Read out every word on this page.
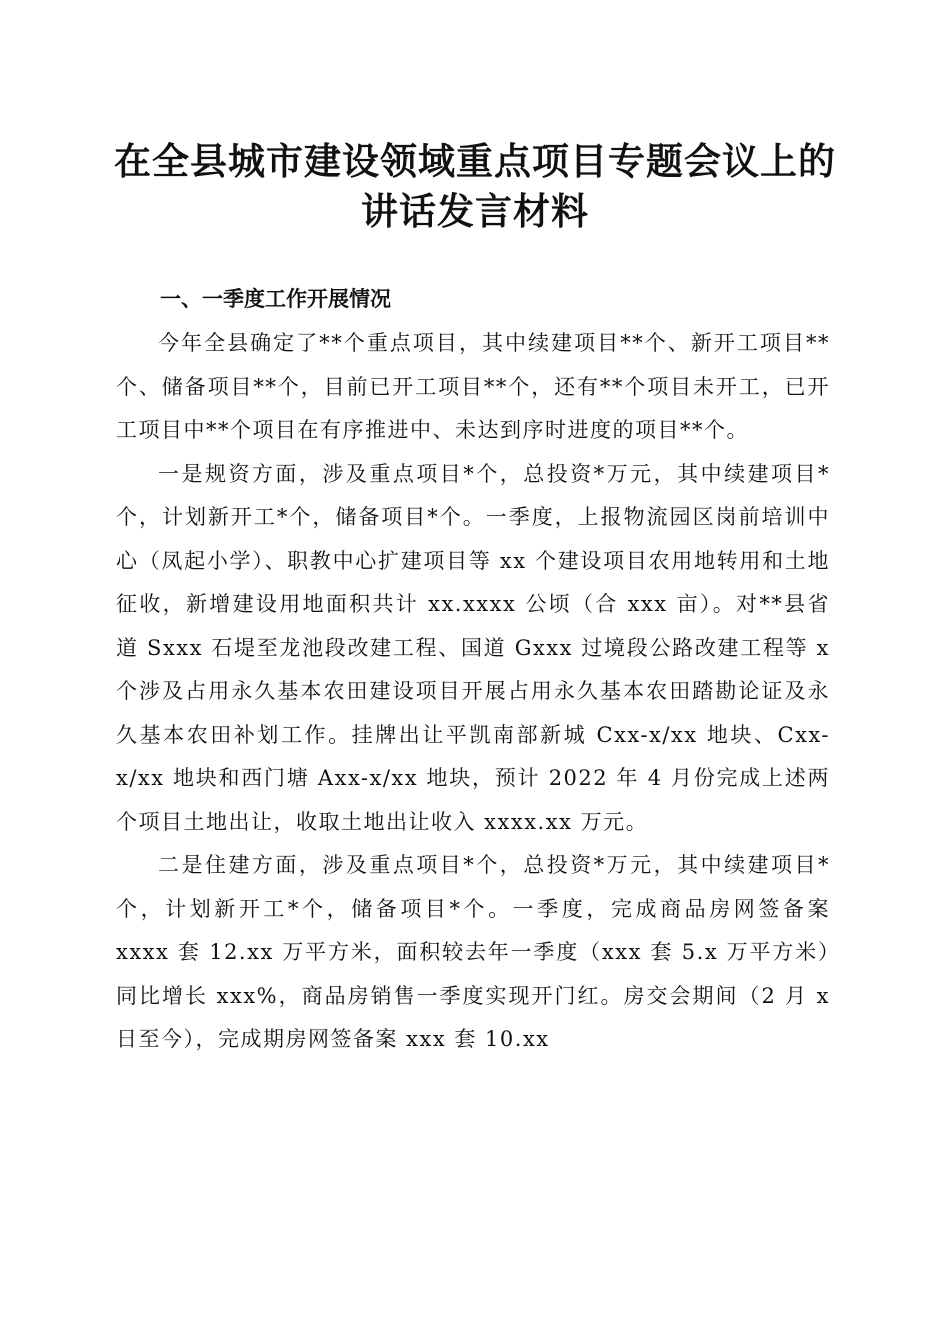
在全县城市建设领域重点项目专题会议上的讲话发言材料
一、一季度工作开展情况

今年全县确定了**个重点项目，其中续建项目**个、新开工项目**个、储备项目**个，目前已开工项目**个，还有**个项目未开工，已开工项目中**个项目在有序推进中、未达到序时进度的项目**个。

一是规资方面，涉及重点项目*个，总投资*万元，其中续建项目*个，计划新开工*个，储备项目*个。一季度，上报物流园区岗前培训中心（凤起小学）、职教中心扩建项目等 xx 个建设项目农用地转用和土地征收，新增建设用地面积共计 xx.xxxx 公顷（合 xxx 亩）。对**县省道 Sxxx 石堤至龙池段改建工程、国道 Gxxx 过境段公路改建工程等 x 个涉及占用永久基本农田建设项目开展占用永久基本农田踏勘论证及永久基本农田补划工作。挂牌出让平凯南部新城 Cxx-x/xx 地块、Cxx-x/xx 地块和西门塘 Axx-x/xx 地块，预计 2022 年 4 月份完成上述两个项目土地出让，收取土地出让收入 xxxx.xx 万元。

二是住建方面，涉及重点项目*个，总投资*万元，其中续建项目*个，计划新开工*个，储备项目*个。一季度，完成商品房网签备案 xxxx 套 12.xx 万平方米，面积较去年一季度（xxx 套 5.x 万平方米）同比增长 xxx%，商品房销售一季度实现开门红。房交会期间（2 月 x 日至今），完成期房网签备案 xxx 套 10.xx
